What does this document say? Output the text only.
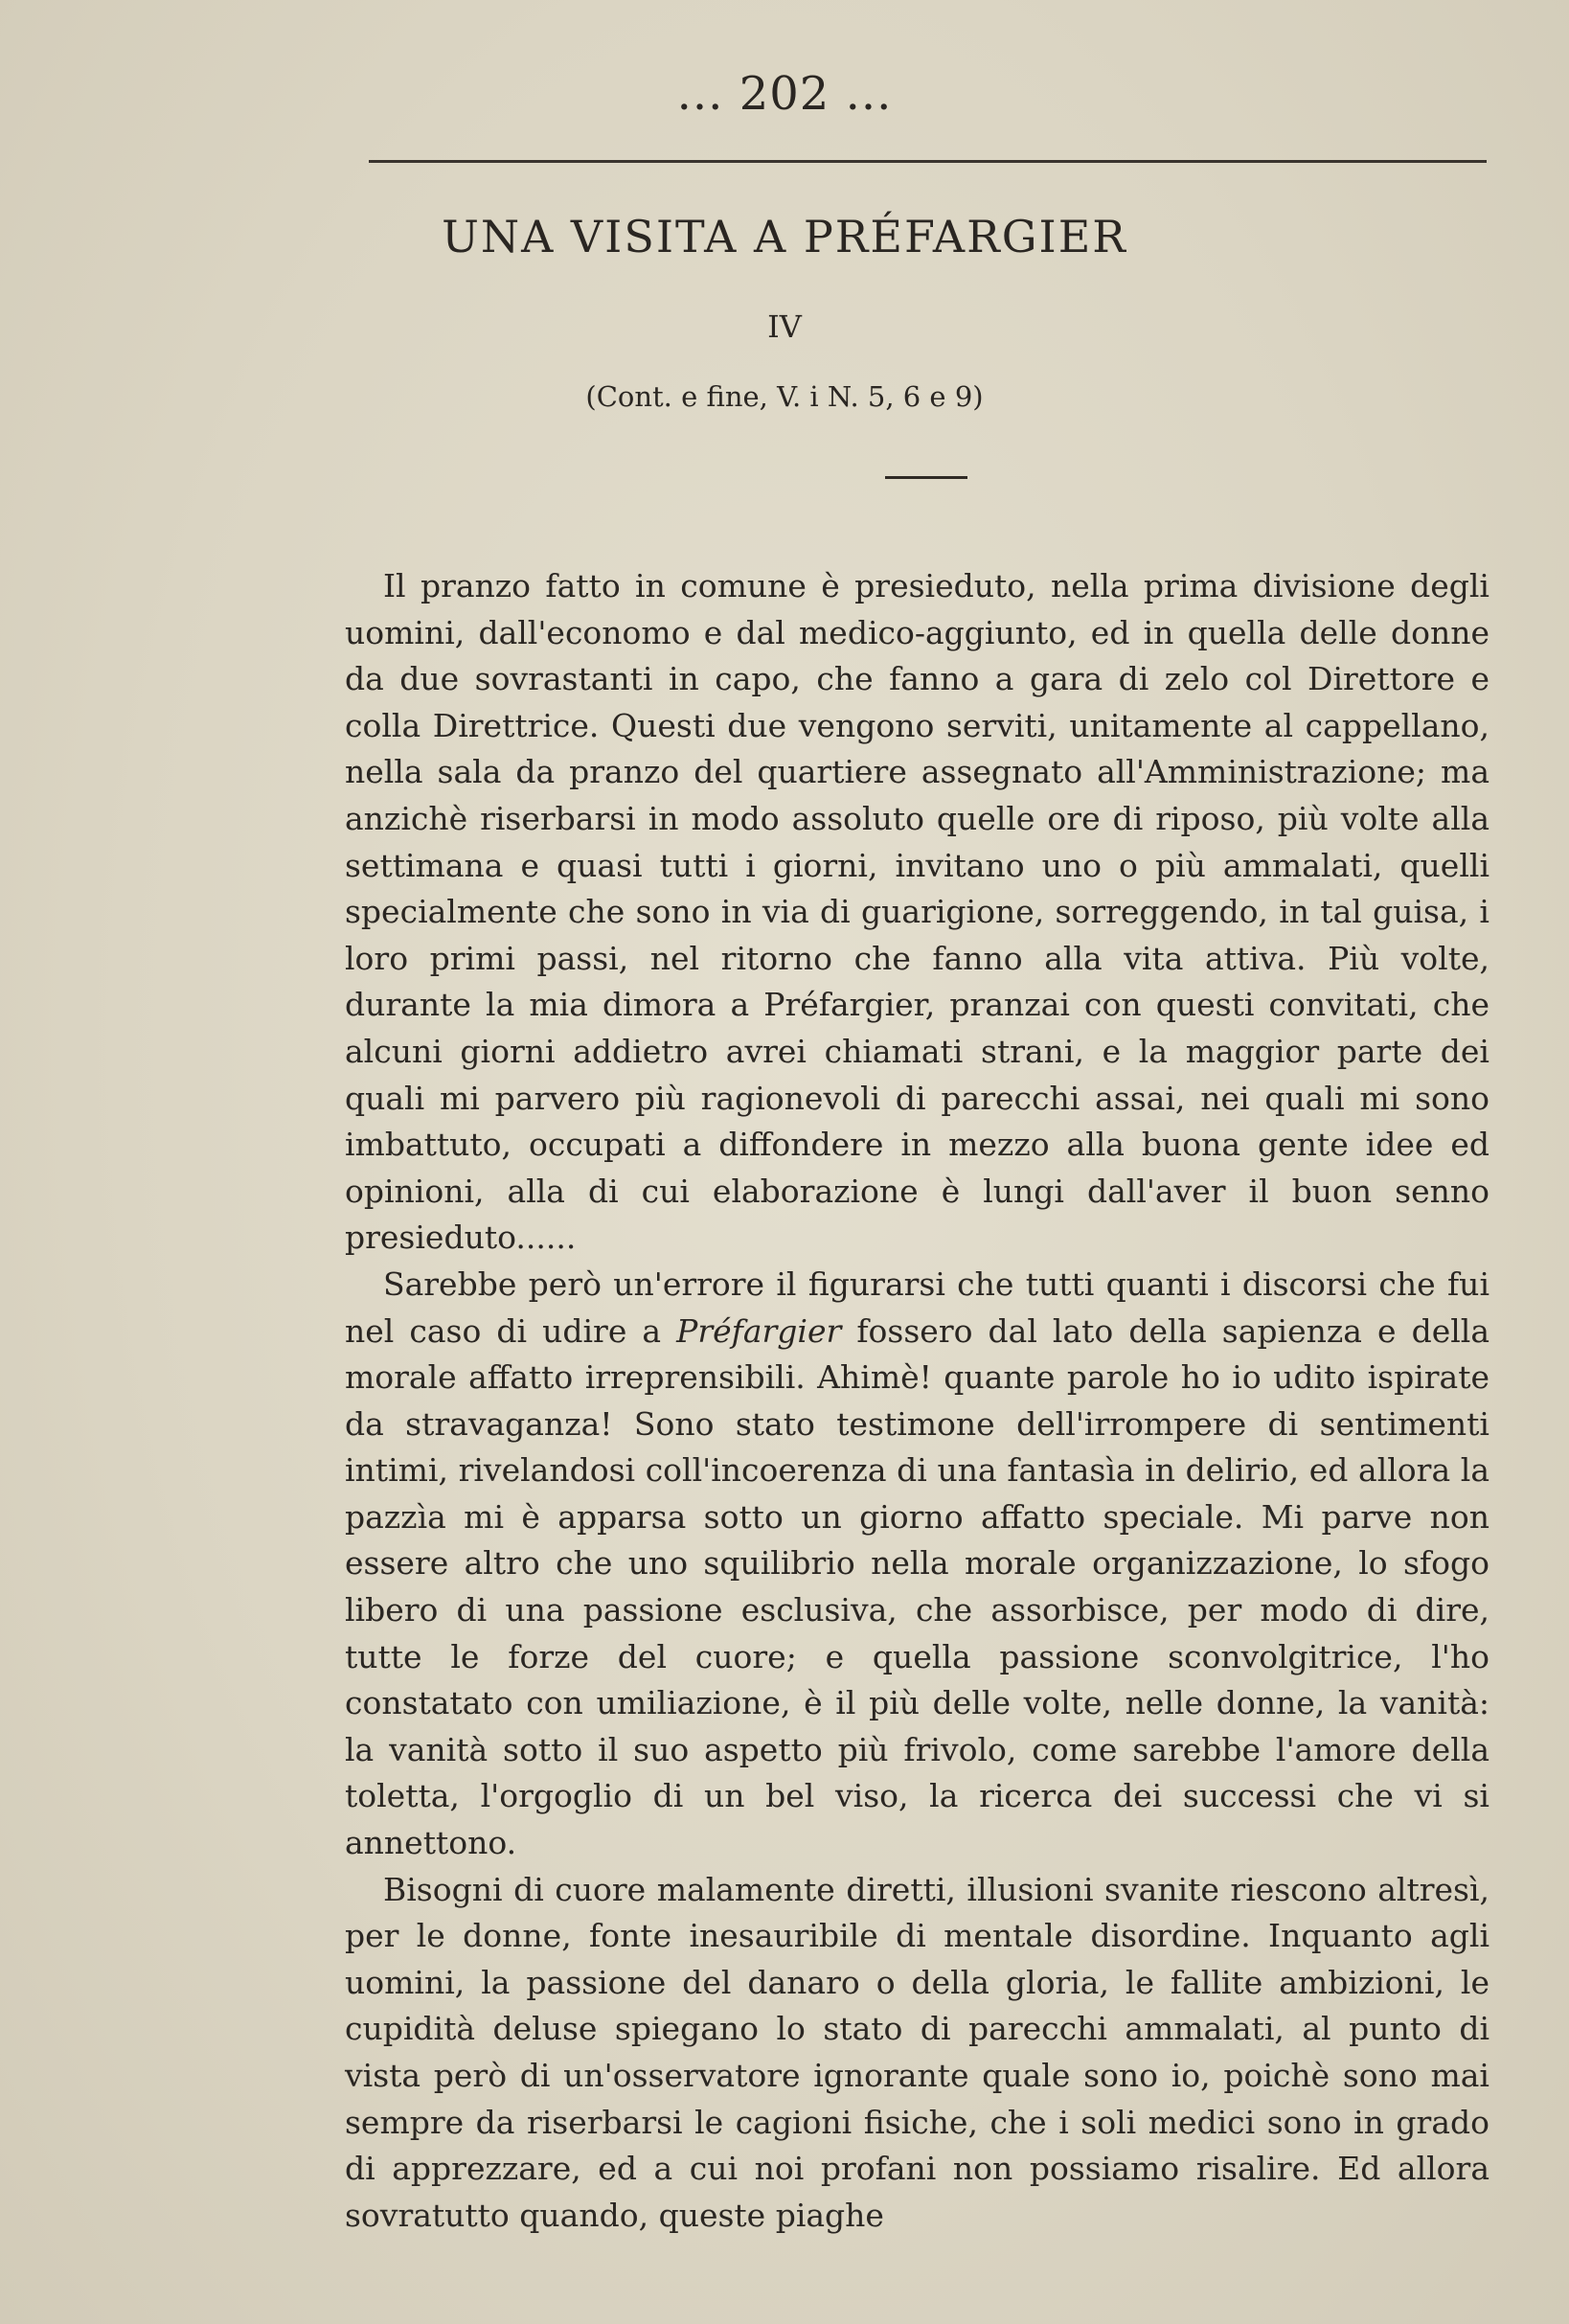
... 202 ...
UNA VISITA A PRÉFARGIER
IV
(Cont. e fine, V. i N. 5, 6 e 9)

Il pranzo fatto in comune è presieduto, nella prima divisione degli uomini, dall'economo e dal medico-aggiunto, ed in quella delle donne da due sovrastanti in capo, che fanno a gara di zelo col Direttore e colla Direttrice. Questi due vengono serviti, unitamente al cappellano, nella sala da pranzo del quartiere assegnato all'Amministrazione; ma anzichè riserbarsi in modo assoluto quelle ore di riposo, più volte alla settimana e quasi tutti i giorni, invitano uno o più ammalati, quelli specialmente che sono in via di guarigione, sorreggendo, in tal guisa, i loro primi passi, nel ritorno che fanno alla vita attiva. Più volte, durante la mia dimora a Préfargier, pranzai con questi convitati, che alcuni giorni addietro avrei chiamati strani, e la maggior parte dei quali mi parvero più ragionevoli di parecchi assai, nei quali mi sono imbattuto, occupati a diffondere in mezzo alla buona gente idee ed opinioni, alla di cui elaborazione è lungi dall'aver il buon senno presieduto......

Sarebbe però un'errore il figurarsi che tutti quanti i discorsi che fui nel caso di udire a Préfargier fossero dal lato della sapienza e della morale affatto irreprensibili. Ahimè! quante parole ho io udito ispirate da stravaganza! Sono stato testimone dell'irrompere di sentimenti intimi, rivelandosi coll'incoerenza di una fantasìa in delirio, ed allora la pazzìa mi è apparsa sotto un giorno affatto speciale. Mi parve non essere altro che uno squilibrio nella morale organizzazione, lo sfogo libero di una passione esclusiva, che assorbisce, per modo di dire, tutte le forze del cuore; e quella passione sconvolgitrice, l'ho constatato con umiliazione, è il più delle volte, nelle donne, la vanità: la vanità sotto il suo aspetto più frivolo, come sarebbe l'amore della toletta, l'orgoglio di un bel viso, la ricerca dei successi che vi si annettono.

Bisogni di cuore malamente diretti, illusioni svanite riescono altresì, per le donne, fonte inesauribile di mentale disordine. Inquanto agli uomini, la passione del danaro o della gloria, le fallite ambizioni, le cupidità deluse spiegano lo stato di parecchi ammalati, al punto di vista però di un'osservatore ignorante quale sono io, poichè sono mai sempre da riserbarsi le cagioni fisiche, che i soli medici sono in grado di apprezzare, ed a cui noi profani non possiamo risalire. Ed allora sovratutto quando, queste piaghe
